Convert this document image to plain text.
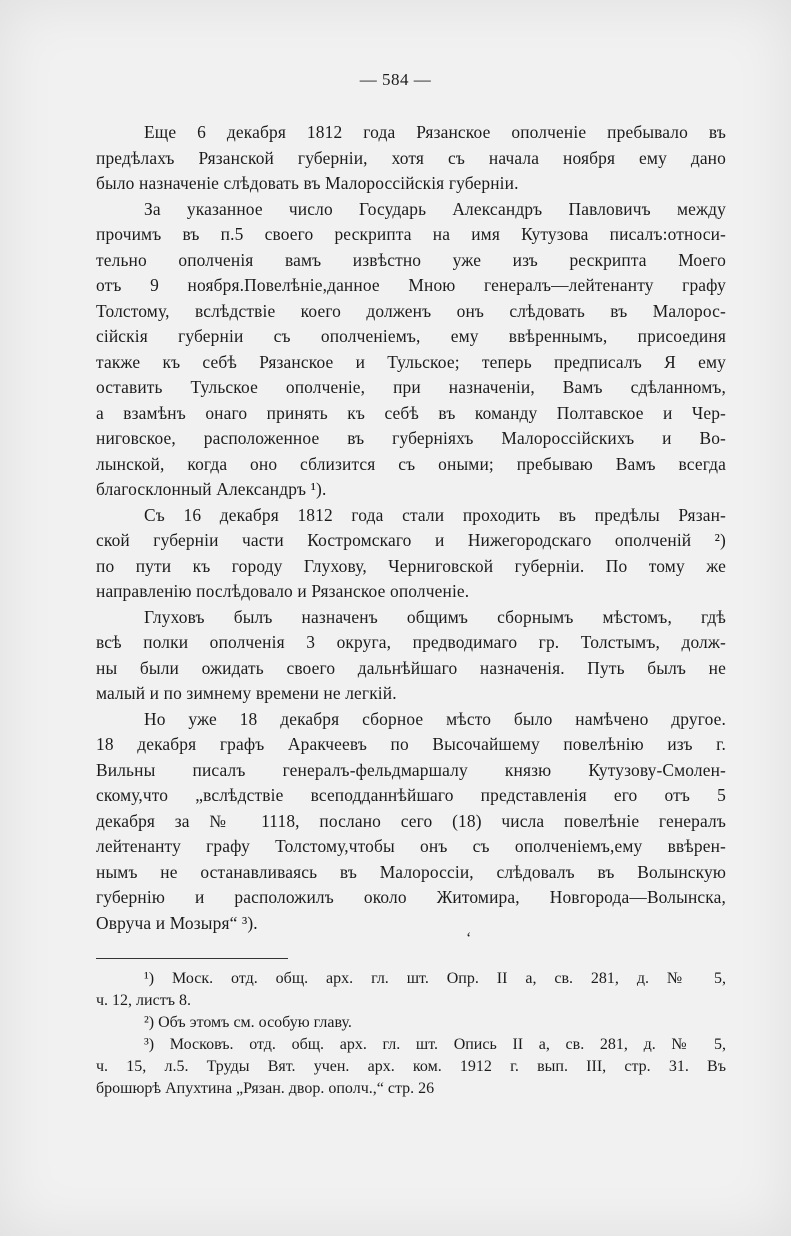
— 584 —

Еще 6 декабря 1812 года Рязанское ополченіе пребывало въ
предѣлахъ Рязанской губерніи, хотя съ начала ноября ему дано
было назначеніе слѣдовать въ Малороссійскія губерніи.

За указанное число Государь Александръ Павловичъ между
прочимъ въ п.5 своего рескрипта на имя Кутузова писалъ:относи-
тельно ополченія вамъ извѣстно уже изъ рескрипта Моего
отъ 9 ноября.Повелѣніе,данное Мною генералъ—лейтенанту графу
Толстому, вслѣдствіе коего долженъ онъ слѣдовать въ Малорос-
сійскія губерніи съ ополченіемъ, ему ввѣреннымъ, присоединя
также къ себѣ Рязанское и Тульское; теперь предписалъ Я ему
оставить Тульское ополченіе, при назначеніи, Вамъ сдѣланномъ,
а взамѣнъ онаго принять къ себѣ въ команду Полтавское и Чер-
ниговское, расположенное въ губерніяхъ Малороссійскихъ и Во-
лынской, когда оно сблизится съ оными; пребываю Вамъ всегда
благосклонный Александръ ¹).

Съ 16 декабря 1812 года стали проходить въ предѣлы Рязан-
ской губерніи части Костромскаго и Нижегородскаго ополченій ²)
по пути къ городу Глухову, Черниговской губерніи. По тому же
направленію послѣдовало и Рязанское ополченіе.

Глуховъ былъ назначенъ общимъ сборнымъ мѣстомъ, гдѣ
всѣ полки ополченія 3 округа, предводимаго гр. Толстымъ, долж-
ны были ожидать своего дальнѣйшаго назначенія. Путь былъ не
малый и по зимнему времени не легкій.

Но уже 18 декабря сборное мѣсто было намѣчено другое.
18 декабря графъ Аракчеевъ по Высочайшему повелѣнію изъ г.
Вильны писалъ генералъ-фельдмаршалу князю Кутузову-Смолен-
скому,что „вслѣдствіе всеподданнѣйшаго представленія его отъ 5
декабря за № 1118, послано сего (18) числа повелѣніе генералъ
лейтенанту графу Толстому,чтобы онъ съ ополченіемъ,ему ввѣрен-
нымъ не останавливаясь въ Малороссіи, слѣдовалъ въ Волынскую
губернію и расположилъ около Житомира, Новгорода—Волынска,
Овруча и Мозыря“ ³).

‘
¹) Моск. отд. общ. арх. гл. шт. Опр. II а, св. 281, д. № 5,
ч. 12, листъ 8.
²) Объ этомъ см. особую главу.
³) Московъ. отд. общ. арх. гл. шт. Опись II а, св. 281, д. № 5,
ч. 15, л.5. Труды Вят. учен. арх. ком. 1912 г. вып. III, стр. 31. Въ
брошюрѣ Апухтина „Рязан. двор. ополч.,“ стр. 26
